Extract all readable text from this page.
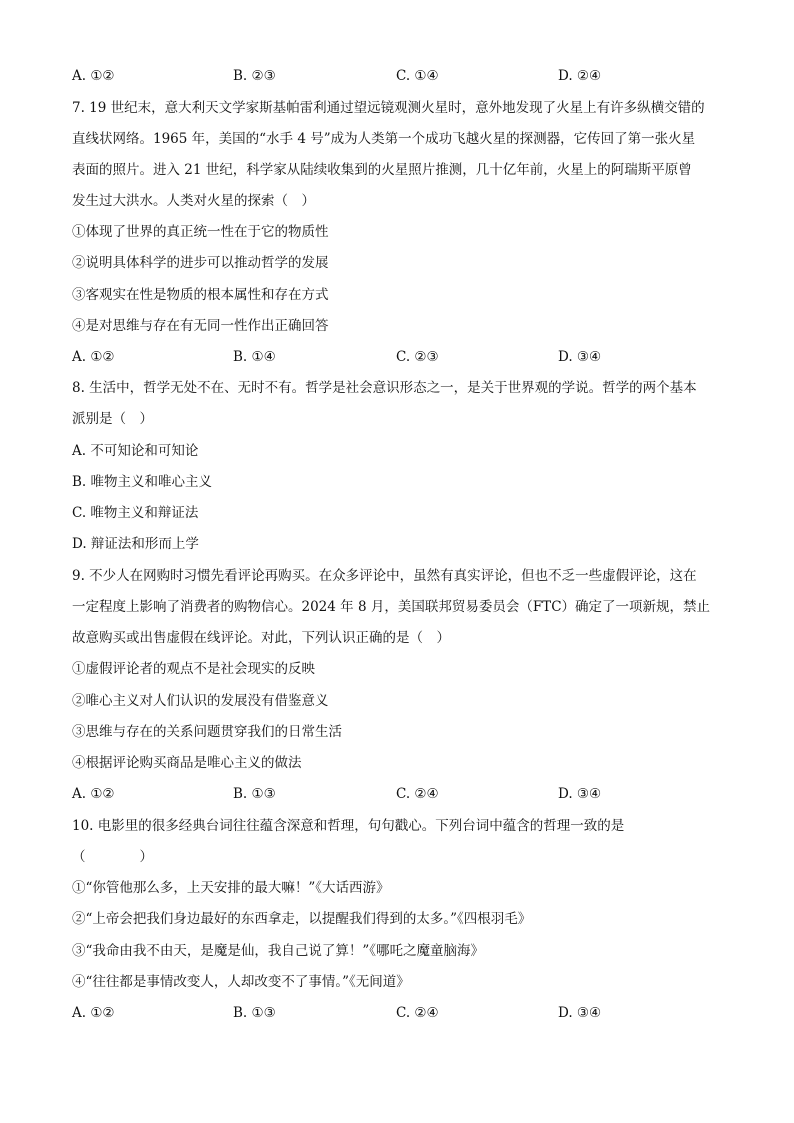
A. ①②	B. ②③	C. ①④	D. ②④
7. 19 世纪末，意大利天文学家斯基帕雷利通过望远镜观测火星时，意外地发现了火星上有许多纵横交错的
直线状网络。1965 年，美国的“水手 4 号”成为人类第一个成功飞越火星的探测器，它传回了第一张火星
表面的照片。进入 21 世纪，科学家从陆续收集到的火星照片推测，几十亿年前，火星上的阿瑞斯平原曾
发生过大洪水。人类对火星的探索（　）
①体现了世界的真正统一性在于它的物质性
②说明具体科学的进步可以推动哲学的发展
③客观实在性是物质的根本属性和存在方式
④是对思维与存在有无同一性作出正确回答
A. ①②	B. ①④	C. ②③	D. ③④
8. 生活中，哲学无处不在、无时不有。哲学是社会意识形态之一，是关于世界观的学说。哲学的两个基本
派别是（　）
A. 不可知论和可知论
B. 唯物主义和唯心主义
C. 唯物主义和辩证法
D. 辩证法和形而上学
9. 不少人在网购时习惯先看评论再购买。在众多评论中，虽然有真实评论，但也不乏一些虚假评论，这在
一定程度上影响了消费者的购物信心。2024 年 8 月，美国联邦贸易委员会（FTC）确定了一项新规，禁止
故意购买或出售虚假在线评论。对此，下列认识正确的是（　）
①虚假评论者的观点不是社会现实的反映
②唯心主义对人们认识的发展没有借鉴意义
③思维与存在的关系问题贯穿我们的日常生活
④根据评论购买商品是唯心主义的做法
A. ①②	B. ①③	C. ②④	D. ③④
10. 电影里的很多经典台词往往蕴含深意和哲理，句句戳心。下列台词中蕴含的哲理一致的是
（　　　　）
①“你管他那么多，上天安排的最大嘛！”《大话西游》
②“上帝会把我们身边最好的东西拿走，以提醒我们得到的太多。”《四根羽毛》
③“我命由我不由天，是魔是仙，我自己说了算！”《哪吒之魔童脑海》
④“往往都是事情改变人，人却改变不了事情。”《无间道》
A. ①②	B. ①③	C. ②④	D. ③④
